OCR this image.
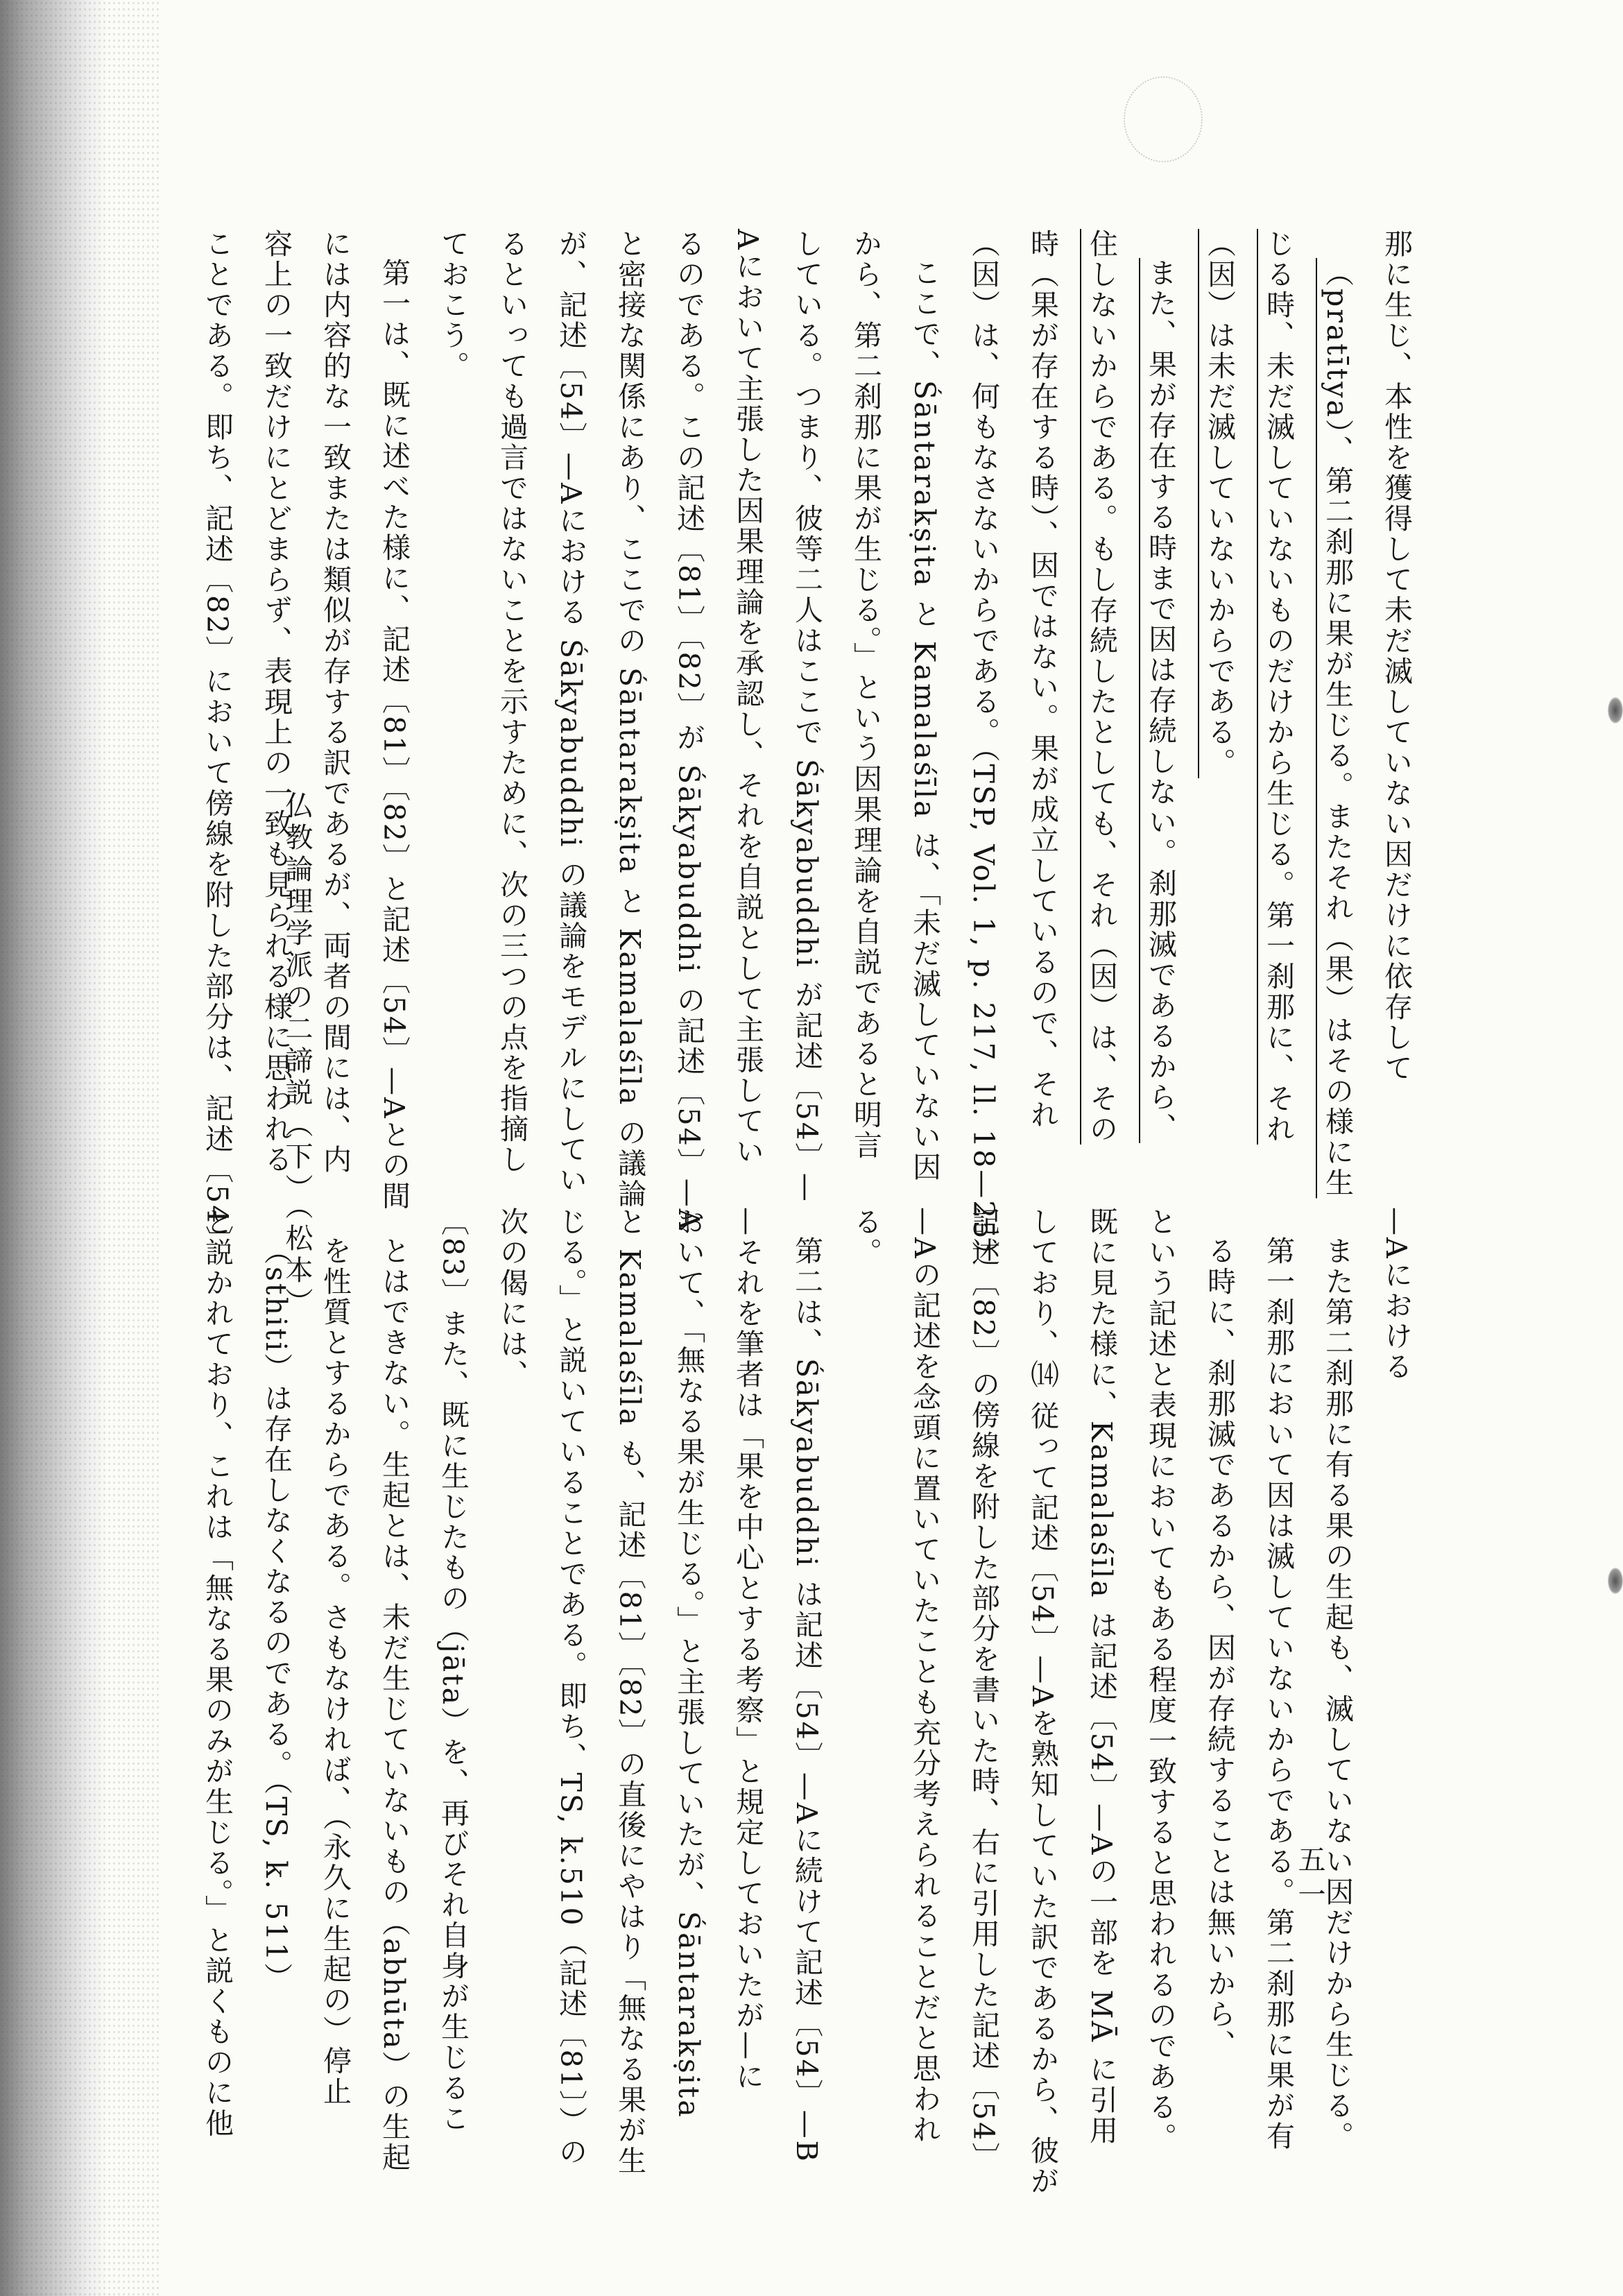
那に生じ、本性を獲得して未だ滅していない因だけに依存して

（pratītya）、第二刹那に果が生じる。またそれ（果）はその様に生

じる時、未だ滅していないものだけから生じる。第一刹那に、それ

（因）は未だ滅していないからである。

また、果が存在する時まで因は存続しない。刹那滅であるから、

住しないからである。もし存続したとしても、それ（因）は、その

時（果が存在する時）、因ではない。果が成立しているので、それ

（因）は、何もなさないからである。（TSP, Vol. 1, p. 217, ll. 18—25）

ここで、Śāntarakṣita と Kamalaśīla は、「未だ滅していない因

から、第二刹那に果が生じる。」という因果理論を自説であると明言

している。つまり、彼等二人はここで Śākyabuddhi が記述〔54〕—

Aにおいて主張した因果理論を承認し、それを自説として主張してい

るのである。この記述〔81〕〔82〕が Śākyabuddhi の記述〔54〕—A

と密接な関係にあり、ここでの Śāntarakṣita と Kamalaśīla の議論

が、記述〔54〕—Aにおける Śākyabuddhi の議論をモデルにしてい

るといっても過言ではないことを示すために、次の三つの点を指摘し

ておこう。

第一は、既に述べた様に、記述〔81〕〔82〕と記述〔54〕—Aとの間

には内容的な一致または類似が存する訳であるが、両者の間には、内

容上の一致だけにとどまらず、表現上の一致も見られる様に思われる

ことである。即ち、記述〔82〕において傍線を附した部分は、記述〔54〕

—Aにおける

また第二刹那に有る果の生起も、滅していない因だけから生じる。

第一刹那において因は滅していないからである。第二刹那に果が有

る時に、刹那滅であるから、因が存続することは無いから、

という記述と表現においてもある程度一致すると思われるのである。

既に見た様に、Kamalaśīla は記述〔54〕—Aの一部を MĀ に引用

しており、⒁ 従って記述〔54〕—Aを熟知していた訳であるから、彼が

記述〔82〕の傍線を附した部分を書いた時、右に引用した記述〔54〕

—Aの記述を念頭に置いていたことも充分考えられることだと思われ

る。

第二は、Śākyabuddhi は記述〔54〕—Aに続けて記述〔54〕—B

—それを筆者は「果を中心とする考察」と規定しておいたが—に

おいて、「無なる果が生じる。」と主張していたが、Śāntarakṣita

と Kamalaśīla も、記述〔81〕〔82〕の直後にやはり「無なる果が生

じる。」と説いていることである。即ち、TS, k.510（記述〔81〕）の

次の偈には、

〔83〕また、既に生じたもの（jāta）を、再びそれ自身が生じるこ

とはできない。生起とは、未だ生じていないもの（abhūta）の生起

を性質とするからである。さもなければ、（永久に生起の）停止

（sthiti）は存在しなくなるのである。（TS, k. 511）

と説かれており、これは「無なる果のみが生じる。」と説くものに他

仏教論理学派の二諦説（下）（松本）
五一
